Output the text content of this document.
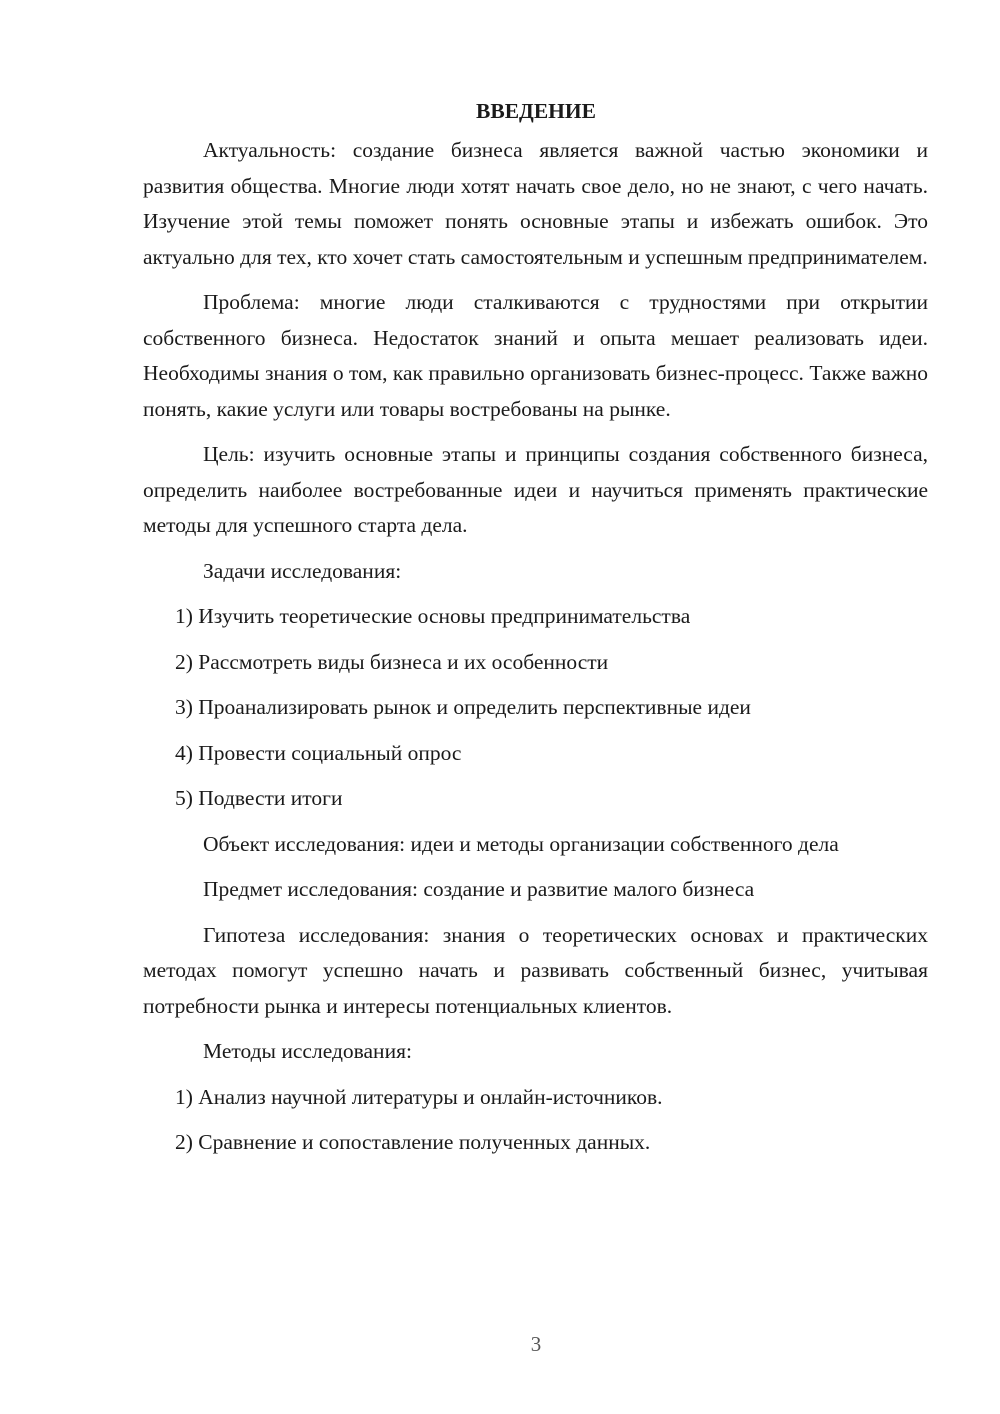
ВВЕДЕНИЕ

Актуальность: создание бизнеса является важной частью экономики и развития общества. Многие люди хотят начать свое дело, но не знают, с чего начать. Изучение этой темы поможет понять основные этапы и избежать ошибок. Это актуально для тех, кто хочет стать самостоятельным и успешным предпринимателем.

Проблема: многие люди сталкиваются с трудностями при открытии собственного бизнеса. Недостаток знаний и опыта мешает реализовать идеи. Необходимы знания о том, как правильно организовать бизнес-процесс. Также важно понять, какие услуги или товары востребованы на рынке.

Цель: изучить основные этапы и принципы создания собственного бизнеса, определить наиболее востребованные идеи и научиться применять практические методы для успешного старта дела.

Задачи исследования:

1) Изучить теоретические основы предпринимательства

2) Рассмотреть виды бизнеса и их особенности

3) Проанализировать рынок и определить перспективные идеи

4) Провести социальный опрос

5) Подвести итоги

Объект исследования: идеи и методы организации собственного дела

Предмет исследования: создание и развитие малого бизнеса

Гипотеза исследования: знания о теоретических основах и практических методах помогут успешно начать и развивать собственный бизнес, учитывая потребности рынка и интересы потенциальных клиентов.

Методы исследования:

1) Анализ научной литературы и онлайн-источников.

2) Сравнение и сопоставление полученных данных.

3
